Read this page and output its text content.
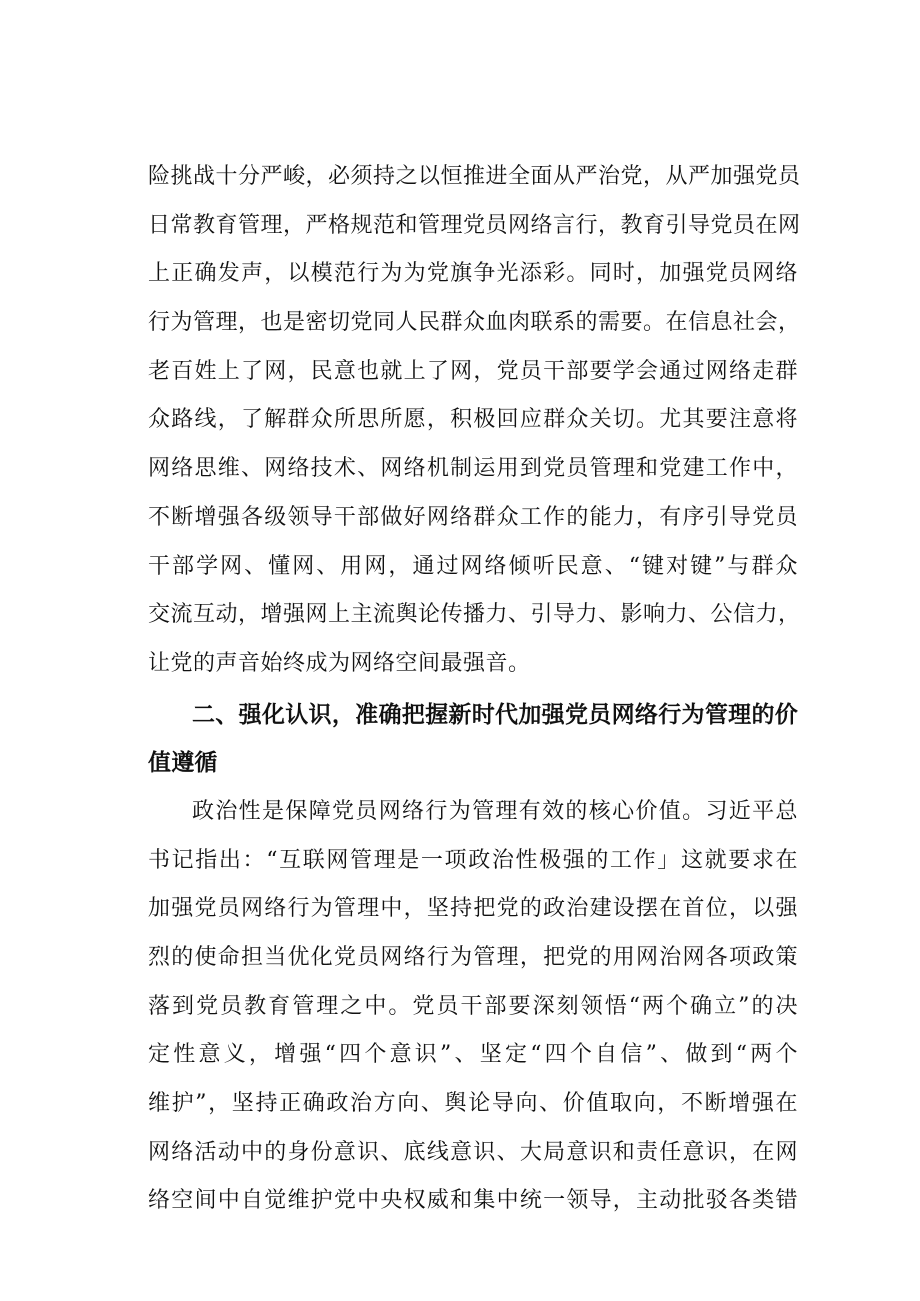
险挑战十分严峻，必须持之以恒推进全面从严治党，从严加强党员
日常教育管理，严格规范和管理党员网络言行，教育引导党员在网
上正确发声，以模范行为为党旗争光添彩。同时，加强党员网络
行为管理，也是密切党同人民群众血肉联系的需要。在信息社会，
老百姓上了网，民意也就上了网，党员干部要学会通过网络走群
众路线，了解群众所思所愿，积极回应群众关切。尤其要注意将
网络思维、网络技术、网络机制运用到党员管理和党建工作中，
不断增强各级领导干部做好网络群众工作的能力，有序引导党员
干部学网、懂网、用网，通过网络倾听民意、“键对键”与群众
交流互动，增强网上主流舆论传播力、引导力、影响力、公信力，
让党的声音始终成为网络空间最强音。
二、强化认识，准确把握新时代加强党员网络行为管理的价
值遵循
政治性是保障党员网络行为管理有效的核心价值。习近平总
书记指出：“互联网管理是一项政治性极强的工作」这就要求在
加强党员网络行为管理中，坚持把党的政治建设摆在首位，以强
烈的使命担当优化党员网络行为管理，把党的用网治网各项政策
落到党员教育管理之中。党员干部要深刻领悟“两个确立”的决
定性意义，增强“四个意识”、坚定“四个自信”、做到“两个
维护”，坚持正确政治方向、舆论导向、价值取向，不断增强在
网络活动中的身份意识、底线意识、大局意识和责任意识，在网
络空间中自觉维护党中央权威和集中统一领导，主动批驳各类错
